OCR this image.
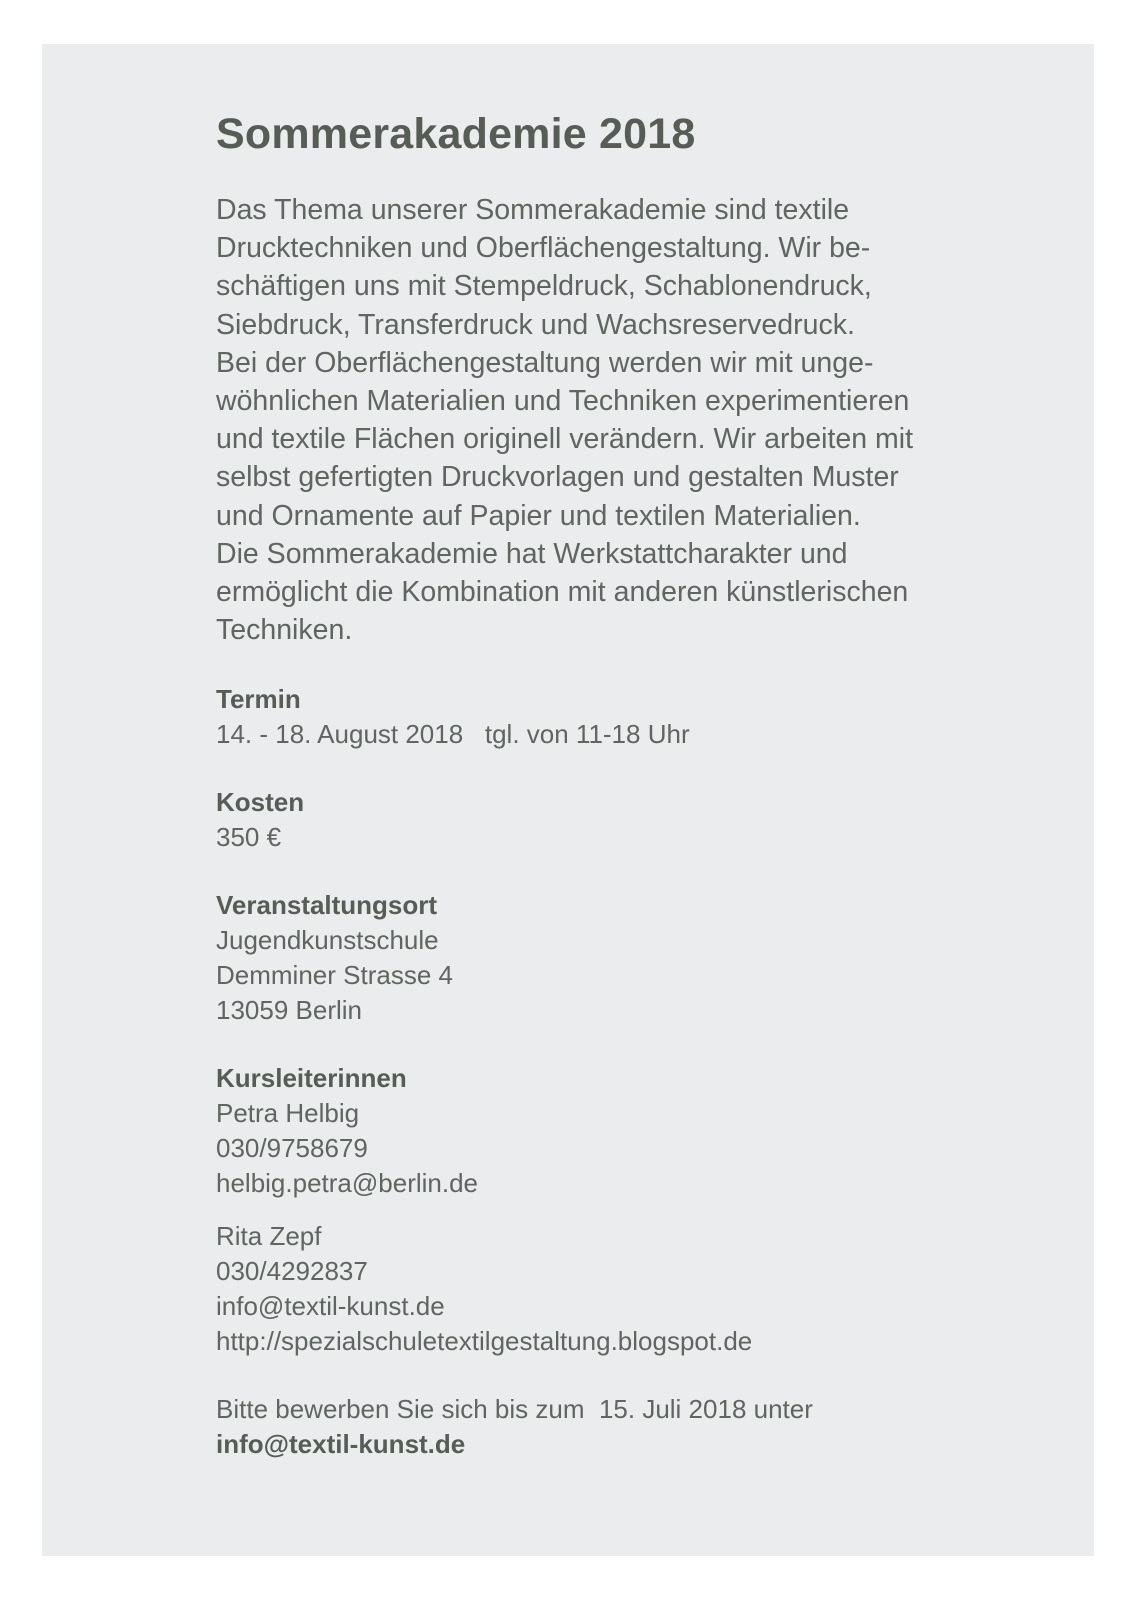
Sommerakademie 2018
Das Thema unserer Sommerakademie sind textile
Drucktechniken und Oberflächengestaltung. Wir be-
schäftigen uns mit Stempeldruck, Schablonendruck,
Siebdruck, Transferdruck und Wachsreservedruck.
Bei der Oberflächengestaltung werden wir mit unge-
wöhnlichen Materialien und Techniken experimentieren
und textile Flächen originell verändern. Wir arbeiten mit
selbst gefertigten Druckvorlagen und gestalten Muster
und Ornamente auf Papier und textilen Materialien.
Die Sommerakademie hat Werkstattcharakter und
ermöglicht die Kombination mit anderen künstlerischen
Techniken.
Termin
14. - 18. August 2018   tgl. von 11-18 Uhr
Kosten
350 €
Veranstaltungsort
Jugendkunstschule
Demminer Strasse 4
13059 Berlin
Kursleiterinnen
Petra Helbig
030/9758679
helbig.petra@berlin.de
Rita Zepf
030/4292837
info@textil-kunst.de
http://spezialschuletextilgestaltung.blogspot.de
Bitte bewerben Sie sich bis zum  15. Juli 2018 unter
info@textil-kunst.de
